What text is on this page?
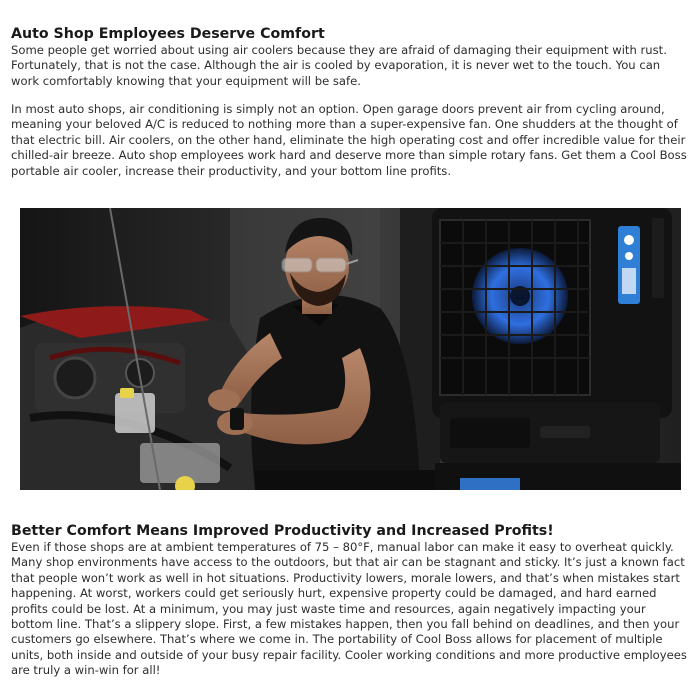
Auto Shop Employees Deserve Comfort

Some people get worried about using air coolers because they are afraid of damaging their equipment with rust. Fortunately, that is not the case. Although the air is cooled by evaporation, it is never wet to the touch. You can work comfortably knowing that your equipment will be safe.

In most auto shops, air conditioning is simply not an option. Open garage doors prevent air from cycling around, meaning your beloved A/C is reduced to nothing more than a super-expensive fan. One shudders at the thought of that electric bill. Air coolers, on the other hand, eliminate the high operating cost and offer incredible value for their chilled-air breeze. Auto shop employees work hard and deserve more than simple rotary fans. Get them a Cool Boss portable air cooler, increase their productivity, and your bottom line profits.

Better Comfort Means Improved Productivity and Increased Profits!

Even if those shops are at ambient temperatures of 75 – 80°F, manual labor can make it easy to overheat quickly. Many shop environments have access to the outdoors, but that air can be stagnant and sticky. It’s just a known fact that people won’t work as well in hot situations. Productivity lowers, morale lowers, and that’s when mistakes start happening. At worst, workers could get seriously hurt, expensive property could be damaged, and hard earned profits could be lost. At a minimum, you may just waste time and resources, again negatively impacting your bottom line. That’s a slippery slope. First, a few mistakes happen, then you fall behind on deadlines, and then your customers go elsewhere. That’s where we come in. The portability of Cool Boss allows for placement of multiple units, both inside and outside of your busy repair facility. Cooler working conditions and more productive employees are truly a win-win for all!
